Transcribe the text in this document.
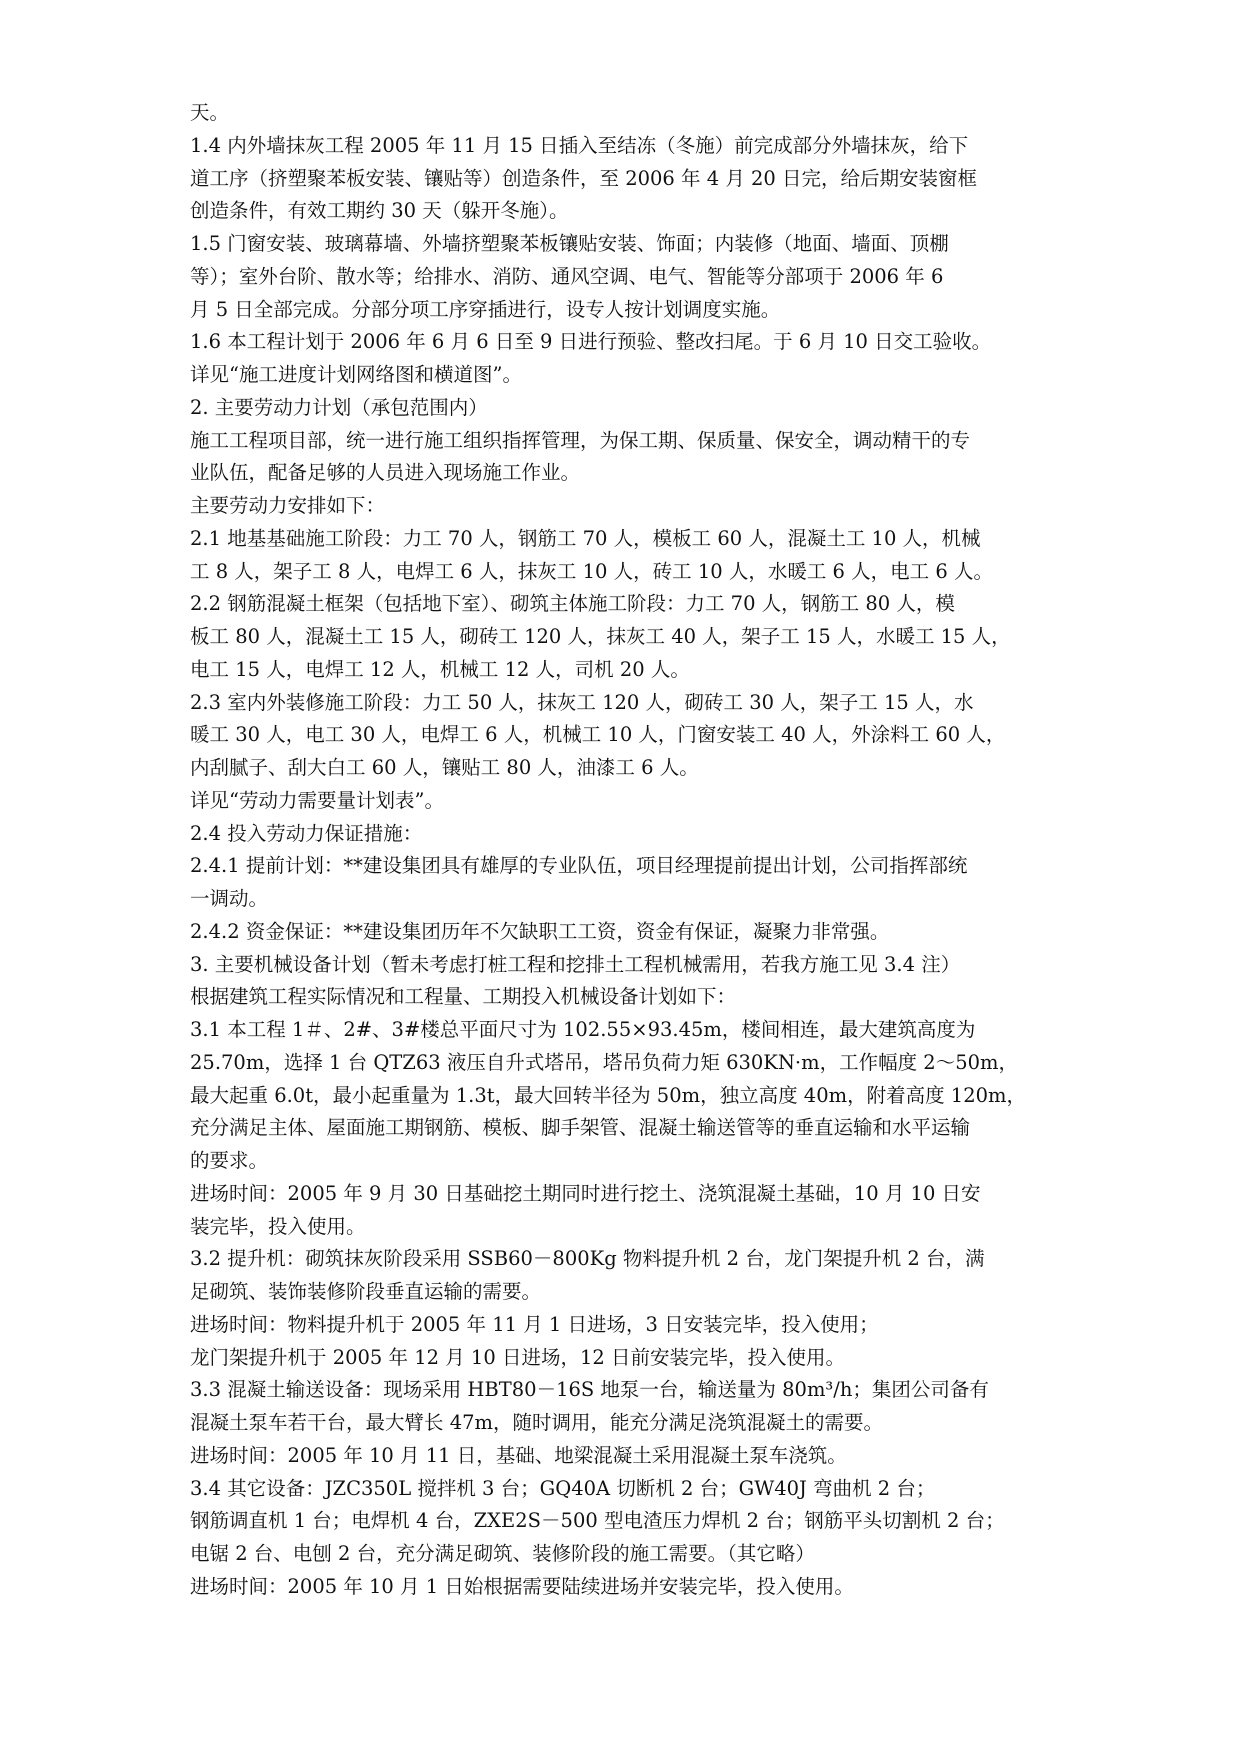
天。
1.4 内外墙抹灰工程 2005 年 11 月 15 日插入至结冻（冬施）前完成部分外墙抹灰，给下
道工序（挤塑聚苯板安装、镶贴等）创造条件，至 2006 年 4 月 20 日完，给后期安装窗框
创造条件，有效工期约 30 天（躲开冬施）。
1.5 门窗安装、玻璃幕墙、外墙挤塑聚苯板镶贴安装、饰面；内装修（地面、墙面、顶棚
等）；室外台阶、散水等；给排水、消防、通风空调、电气、智能等分部项于 2006 年 6
月 5 日全部完成。分部分项工序穿插进行，设专人按计划调度实施。
1.6 本工程计划于 2006 年 6 月 6 日至 9 日进行预验、整改扫尾。于 6 月 10 日交工验收。
详见“施工进度计划网络图和横道图”。
2. 主要劳动力计划（承包范围内）
施工工程项目部，统一进行施工组织指挥管理，为保工期、保质量、保安全，调动精干的专
业队伍，配备足够的人员进入现场施工作业。
主要劳动力安排如下：
2.1 地基基础施工阶段：力工 70 人，钢筋工 70 人，模板工 60 人，混凝土工 10 人，机械
工 8 人，架子工 8 人，电焊工 6 人，抹灰工 10 人，砖工 10 人，水暖工 6 人，电工 6 人。
2.2 钢筋混凝土框架（包括地下室）、砌筑主体施工阶段：力工 70 人，钢筋工 80 人，模
板工 80 人，混凝土工 15 人，砌砖工 120 人，抹灰工 40 人，架子工 15 人，水暖工 15 人，
电工 15 人，电焊工 12 人，机械工 12 人，司机 20 人。
2.3 室内外装修施工阶段：力工 50 人，抹灰工 120 人，砌砖工 30 人，架子工 15 人，水
暖工 30 人，电工 30 人，电焊工 6 人，机械工 10 人，门窗安装工 40 人，外涂料工 60 人，
内刮腻子、刮大白工 60 人，镶贴工 80 人，油漆工 6 人。
详见“劳动力需要量计划表”。
2.4 投入劳动力保证措施：
2.4.1 提前计划：**建设集团具有雄厚的专业队伍，项目经理提前提出计划，公司指挥部统
一调动。
2.4.2 资金保证：**建设集团历年不欠缺职工工资，资金有保证，凝聚力非常强。
3. 主要机械设备计划（暂未考虑打桩工程和挖排土工程机械需用，若我方施工见 3.4 注）
根据建筑工程实际情况和工程量、工期投入机械设备计划如下：
3.1 本工程 1＃、2#、3#楼总平面尺寸为 102.55×93.45m，楼间相连，最大建筑高度为
25.70m，选择 1 台 QTZ63 液压自升式塔吊，塔吊负荷力矩 630KN·m，工作幅度 2～50m，
最大起重 6.0t，最小起重量为 1.3t，最大回转半径为 50m，独立高度 40m，附着高度 120m，
充分满足主体、屋面施工期钢筋、模板、脚手架管、混凝土输送管等的垂直运输和水平运输
的要求。
进场时间：2005 年 9 月 30 日基础挖土期同时进行挖土、浇筑混凝土基础，10 月 10 日安
装完毕，投入使用。
3.2 提升机：砌筑抹灰阶段采用 SSB60－800Kg 物料提升机 2 台，龙门架提升机 2 台，满
足砌筑、装饰装修阶段垂直运输的需要。
进场时间：物料提升机于 2005 年 11 月 1 日进场，3 日安装完毕，投入使用；
龙门架提升机于 2005 年 12 月 10 日进场，12 日前安装完毕，投入使用。
3.3 混凝土输送设备：现场采用 HBT80－16S 地泵一台，输送量为 80m³/h；集团公司备有
混凝土泵车若干台，最大臂长 47m，随时调用，能充分满足浇筑混凝土的需要。
进场时间：2005 年 10 月 11 日，基础、地梁混凝土采用混凝土泵车浇筑。
3.4 其它设备：JZC350L 搅拌机 3 台；GQ40A 切断机 2 台；GW40J 弯曲机 2 台；
钢筋调直机 1 台；电焊机 4 台，ZXE2S－500 型电渣压力焊机 2 台；钢筋平头切割机 2 台；
电锯 2 台、电刨 2 台，充分满足砌筑、装修阶段的施工需要。（其它略）
进场时间：2005 年 10 月 1 日始根据需要陆续进场并安装完毕，投入使用。
